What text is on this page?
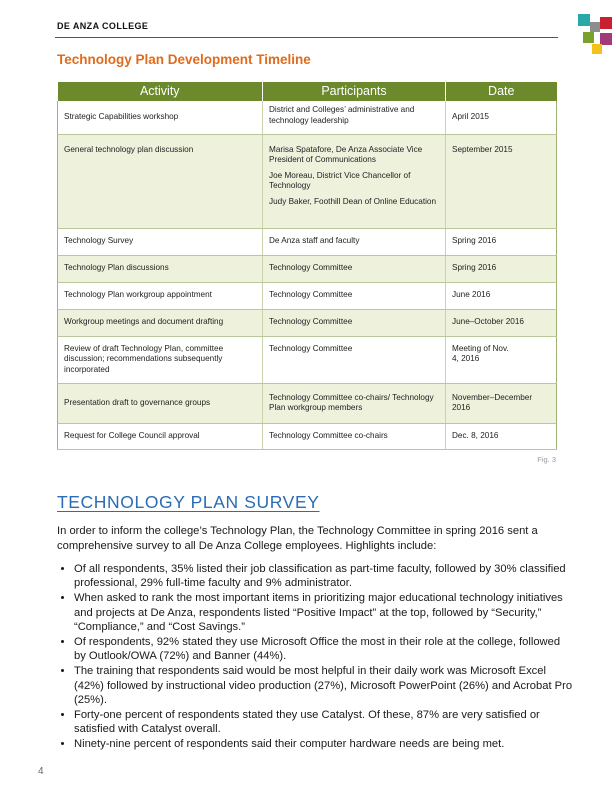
DE ANZA COLLEGE
Technology Plan Development Timeline
Activity	Participants	Date
Strategic Capabilities workshop	District and Colleges’ administrative and technology leadership	April 2015
General technology plan discussion	Marisa Spatafore, De Anza Associate Vice President of Communications
Joe Moreau, District Vice Chancellor of Technology
Judy Baker, Foothill Dean of Online Education	September 2015
Technology Survey	De Anza staff and faculty	Spring 2016
Technology Plan discussions	Technology Committee	Spring 2016
Technology Plan workgroup appointment	Technology Committee	June 2016
Workgroup meetings and document drafting	Technology Committee	June–October 2016
Review of draft Technology Plan, committee discussion; recommendations subsequently incorporated	Technology Committee	Meeting of Nov. 4, 2016
Presentation draft to governance groups	Technology Committee co-chairs/ Technology Plan workgroup members	November–December 2016
Request for College Council approval	Technology Committee co-chairs	Dec. 8, 2016
Fig. 3
TECHNOLOGY PLAN SURVEY
In order to inform the college’s Technology Plan, the Technology Committee in spring 2016 sent a comprehensive survey to all De Anza College employees. Highlights include:
• Of all respondents, 35% listed their job classification as part-time faculty, followed by 30% classified professional, 29% full-time faculty and 9% administrator.
• When asked to rank the most important items in prioritizing major educational technology initiatives and projects at De Anza, respondents listed “Positive Impact” at the top, followed by “Security,” “Compliance,” and “Cost Savings.”
• Of respondents, 92% stated they use Microsoft Office the most in their role at the college, followed by Outlook/OWA (72%) and Banner (44%).
• The training that respondents said would be most helpful in their daily work was Microsoft Excel (42%) followed by instructional video production (27%), Microsoft PowerPoint (26%) and Acrobat Pro (25%).
• Forty-one percent of respondents stated they use Catalyst. Of these, 87% are very satisfied or satisfied with Catalyst overall.
• Ninety-nine percent of respondents said their computer hardware needs are being met.
4
